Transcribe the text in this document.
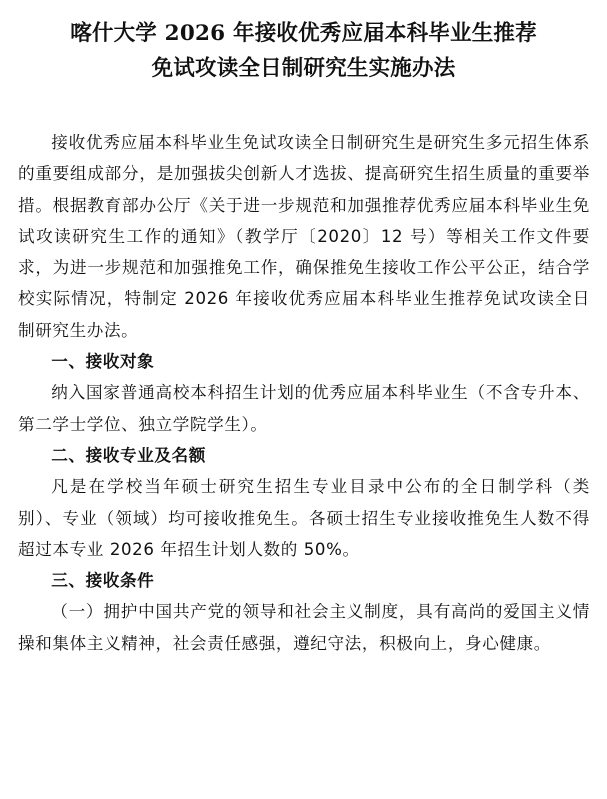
喀什大学 2026 年接收优秀应届本科毕业生推荐
免试攻读全日制研究生实施办法

接收优秀应届本科毕业生免试攻读全日制研究生是研究生多元招生体系的重要组成部分，是加强拔尖创新人才选拔、提高研究生招生质量的重要举措。根据教育部办公厅《关于进一步规范和加强推荐优秀应届本科毕业生免试攻读研究生工作的通知》（教学厅〔2020〕12 号）等相关工作文件要求，为进一步规范和加强推免工作，确保推免生接收工作公平公正，结合学校实际情况，特制定 2026 年接收优秀应届本科毕业生推荐免试攻读全日制研究生办法。

一、接收对象

纳入国家普通高校本科招生计划的优秀应届本科毕业生（不含专升本、第二学士学位、独立学院学生）。

二、接收专业及名额

凡是在学校当年硕士研究生招生专业目录中公布的全日制学科（类别）、专业（领域）均可接收推免生。各硕士招生专业接收推免生人数不得超过本专业 2026 年招生计划人数的 50%。

三、接收条件

（一）拥护中国共产党的领导和社会主义制度，具有高尚的爱国主义情操和集体主义精神，社会责任感强，遵纪守法，积极向上，身心健康。
